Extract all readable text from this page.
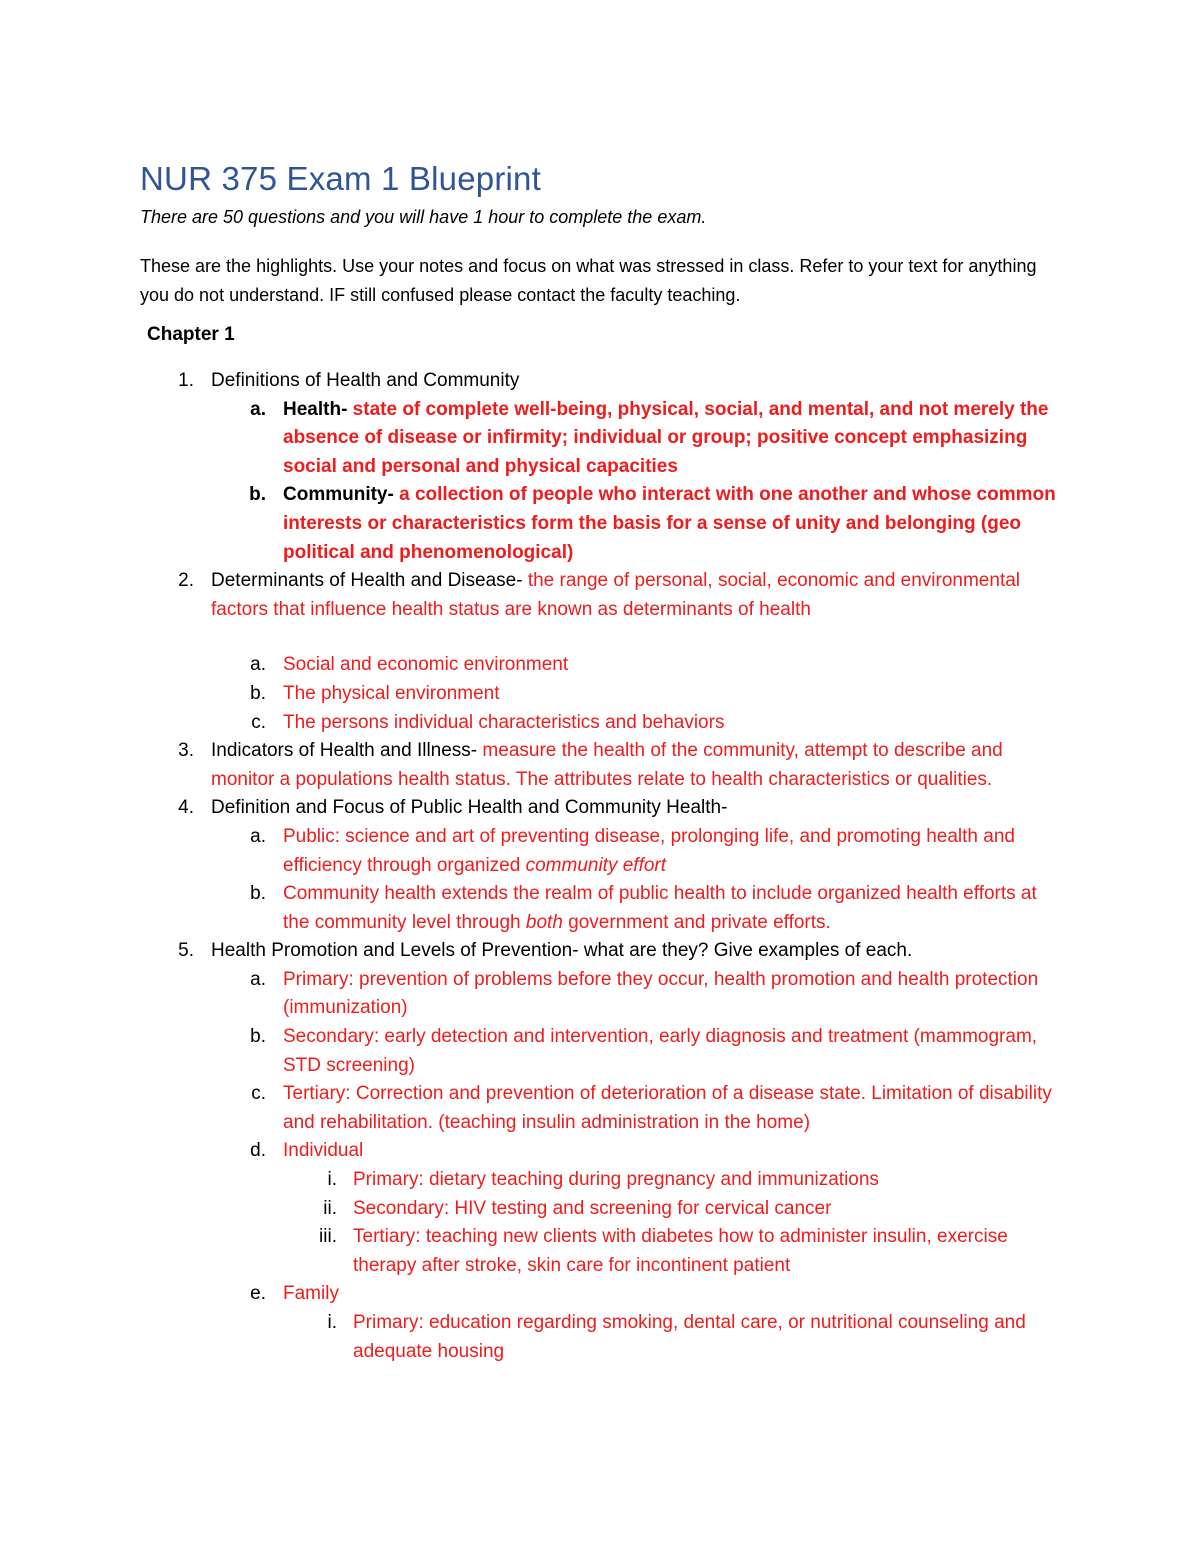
NUR 375 Exam 1 Blueprint
There are 50 questions and you will have 1 hour to complete the exam.
These are the highlights. Use your notes and focus on what was stressed in class. Refer to your text for anything you do not understand. IF still confused please contact the faculty teaching.
Chapter 1
1. Definitions of Health and Community
a. Health- state of complete well-being, physical, social, and mental, and not merely the absence of disease or infirmity; individual or group; positive concept emphasizing social and personal and physical capacities
b. Community- a collection of people who interact with one another and whose common interests or characteristics form the basis for a sense of unity and belonging (geo political and phenomenological)
2. Determinants of Health and Disease- the range of personal, social, economic and environmental factors that influence health status are known as determinants of health
a. Social and economic environment
b. The physical environment
c. The persons individual characteristics and behaviors
3. Indicators of Health and Illness- measure the health of the community, attempt to describe and monitor a populations health status. The attributes relate to health characteristics or qualities.
4. Definition and Focus of Public Health and Community Health-
a. Public: science and art of preventing disease, prolonging life, and promoting health and efficiency through organized community effort
b. Community health extends the realm of public health to include organized health efforts at the community level through both government and private efforts.
5. Health Promotion and Levels of Prevention- what are they? Give examples of each.
a. Primary: prevention of problems before they occur, health promotion and health protection (immunization)
b. Secondary: early detection and intervention, early diagnosis and treatment (mammogram, STD screening)
c. Tertiary: Correction and prevention of deterioration of a disease state. Limitation of disability and rehabilitation. (teaching insulin administration in the home)
d. Individual
i. Primary: dietary teaching during pregnancy and immunizations
ii. Secondary: HIV testing and screening for cervical cancer
iii. Tertiary: teaching new clients with diabetes how to administer insulin, exercise therapy after stroke, skin care for incontinent patient
e. Family
i. Primary: education regarding smoking, dental care, or nutritional counseling and adequate housing
